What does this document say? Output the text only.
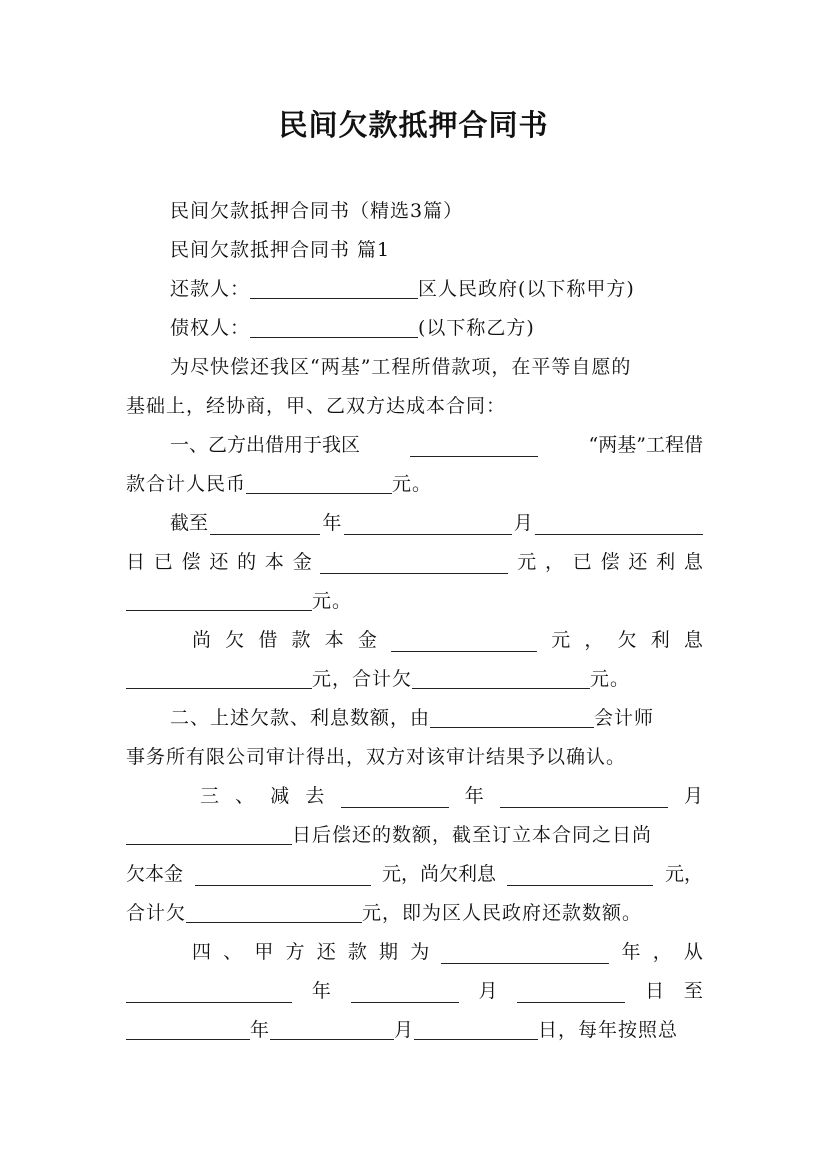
民间欠款抵押合同书
民间欠款抵押合同书（精选3篇）
民间欠款抵押合同书 篇1
还款人：	区人民政府(以下称甲方)
债权人：	(以下称乙方)
为尽快偿还我区“两基”工程所借款项，在平等自愿的
基础上，经协商，甲、乙双方达成本合同：
一、乙方出借用于我区	“两基”工程借
款合计人民币	元。
截至	年	月
日 已 偿 还 的 本 金	元 ， 已 偿 还 利 息
元。
尚 欠 借 款 本 金	元 ， 欠 利 息
元，合计欠	元。
二、上述欠款、利息数额，由	会计师
事务所有限公司审计得出，双方对该审计结果予以确认。
三 、 减 去	年	月
日后偿还的数额，截至订立本合同之日尚
欠本金	元，尚欠利息	元，
合计欠	元，即为区人民政府还款数额。
四 、 甲 方 还 款 期 为	年 ， 从
年	月	日 至
年	月	日，每年按照总
